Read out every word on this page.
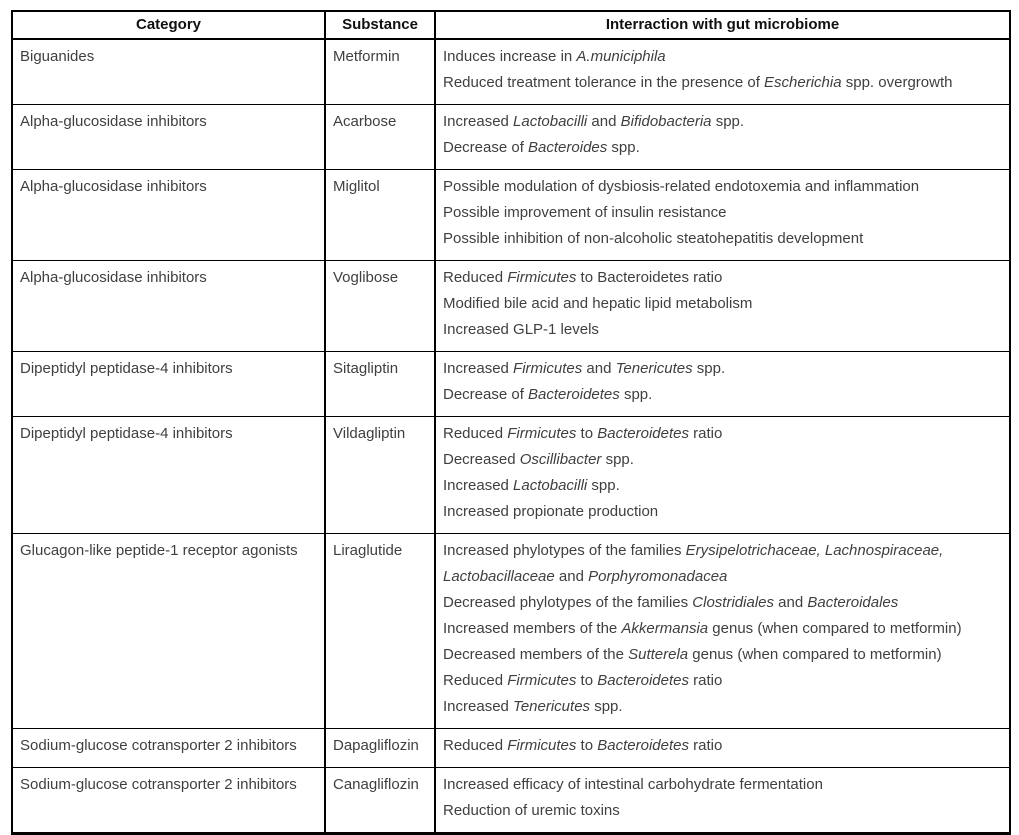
Category	Substance	Interraction with gut microbiome
Biguanides	Metformin	Induces increase in A.municiphila

Reduced treatment tolerance in the presence of Escherichia spp. overgrowth

Alpha-glucosidase inhibitors	Acarbose	Increased Lactobacilli and Bifidobacteria spp.

Decrease of Bacteroides spp.

Alpha-glucosidase inhibitors	Miglitol	Possible modulation of dysbiosis-related endotoxemia and inflammation

Possible improvement of insulin resistance

Possible inhibition of non-alcoholic steatohepatitis development

Alpha-glucosidase inhibitors	Voglibose	Reduced Firmicutes to Bacteroidetes ratio

Modified bile acid and hepatic lipid metabolism

Increased GLP-1 levels

Dipeptidyl peptidase-4 inhibitors	Sitagliptin	Increased Firmicutes and Tenericutes spp.

Decrease of Bacteroidetes spp.

Dipeptidyl peptidase-4 inhibitors	Vildagliptin	Reduced Firmicutes to Bacteroidetes ratio

Decreased Oscillibacter spp.

Increased Lactobacilli spp.

Increased propionate production

Glucagon-like peptide-1 receptor agonists	Liraglutide	Increased phylotypes of the families Erysipelotrichaceae, Lachnospiraceae, Lactobacillaceae and Porphyromonadacea

Decreased phylotypes of the families Clostridiales and Bacteroidales

Increased members of the Akkermansia genus (when compared to metformin)

Decreased members of the Sutterela genus (when compared to metformin)

Reduced Firmicutes to Bacteroidetes ratio

Increased Tenericutes spp.

Sodium-glucose cotransporter 2 inhibitors	Dapagliflozin	Reduced Firmicutes to Bacteroidetes ratio

Sodium-glucose cotransporter 2 inhibitors	Canagliflozin	Increased efficacy of intestinal carbohydrate fermentation

Reduction of uremic toxins
